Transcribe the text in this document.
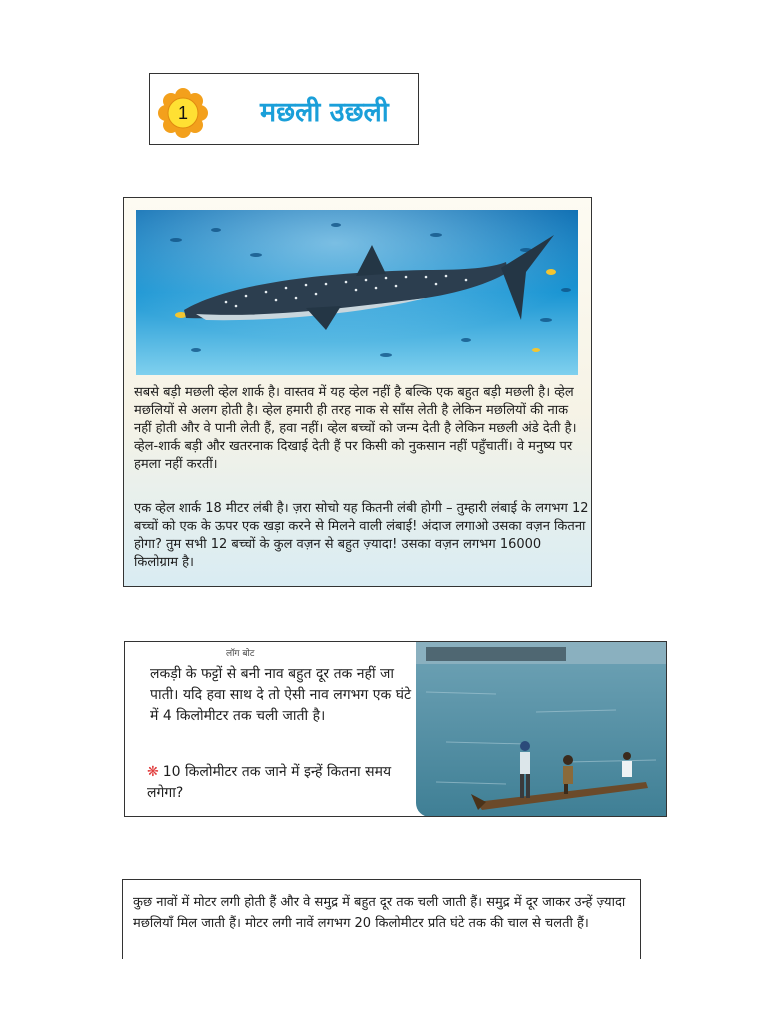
1	मछली उछली

सबसे बड़ी मछली व्हेल शार्क है। वास्तव में यह व्हेल नहीं है बल्कि एक बहुत बड़ी मछली है। व्हेल मछलियों से अलग होती है। व्हेल हमारी ही तरह नाक से साँस लेती है लेकिन मछलियों की नाक नहीं होती और वे पानी लेती हैं, हवा नहीं। व्हेल बच्चों को जन्म देती है लेकिन मछली अंडे देती है। व्हेल-शार्क बड़ी और खतरनाक दिखाई देती हैं पर किसी को नुकसान नहीं पहुँचातीं। वे मनुष्य पर हमला नहीं करतीं।

एक व्हेल शार्क 18 मीटर लंबी है। ज़रा सोचो यह कितनी लंबी होगी – तुम्हारी लंबाई के लगभग 12 बच्चों को एक के ऊपर एक खड़ा करने से मिलने वाली लंबाई! अंदाज लगाओ उसका वज़न कितना होगा? तुम सभी 12 बच्चों के कुल वज़न से बहुत ज़्यादा! उसका वज़न लगभग 16000 किलोग्राम है।

लॉग बोट

लकड़ी के फट्टों से बनी नाव बहुत दूर तक नहीं जा पाती। यदि हवा साथ दे तो ऐसी नाव लगभग एक घंटे में 4 किलोमीटर तक चली जाती है।

❋ 10 किलोमीटर तक जाने में इन्हें कितना समय लगेगा?

कुछ नावों में मोटर लगी होती हैं और वे समुद्र में बहुत दूर तक चली जाती हैं। समुद्र में दूर जाकर उन्हें ज़्यादा मछलियाँ मिल जाती हैं। मोटर लगी नावें लगभग 20 किलोमीटर प्रति घंटे तक की चाल से चलती हैं।
